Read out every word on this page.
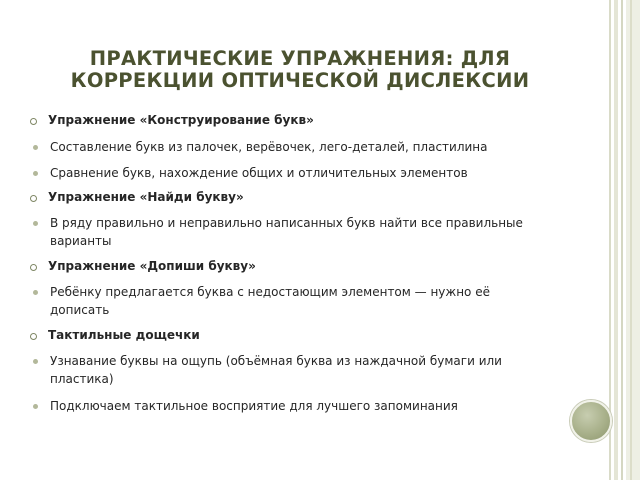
ПРАКТИЧЕСКИЕ УПРАЖНЕНИЯ: ДЛЯ КОРРЕКЦИИ ОПТИЧЕСКОЙ ДИСЛЕКСИИ

Упражнение «Конструирование букв»

Составление букв из палочек, верёвочек, лего-деталей, пластилина

Сравнение букв, нахождение общих и отличительных элементов

Упражнение «Найди букву»

В ряду правильно и неправильно написанных букв найти все правильные варианты

Упражнение «Допиши букву»

Ребёнку предлагается буква с недостающим элементом — нужно её дописать

Тактильные дощечки

Узнавание буквы на ощупь (объёмная буква из наждачной бумаги или пластика)

Подключаем тактильное восприятие для лучшего запоминания
